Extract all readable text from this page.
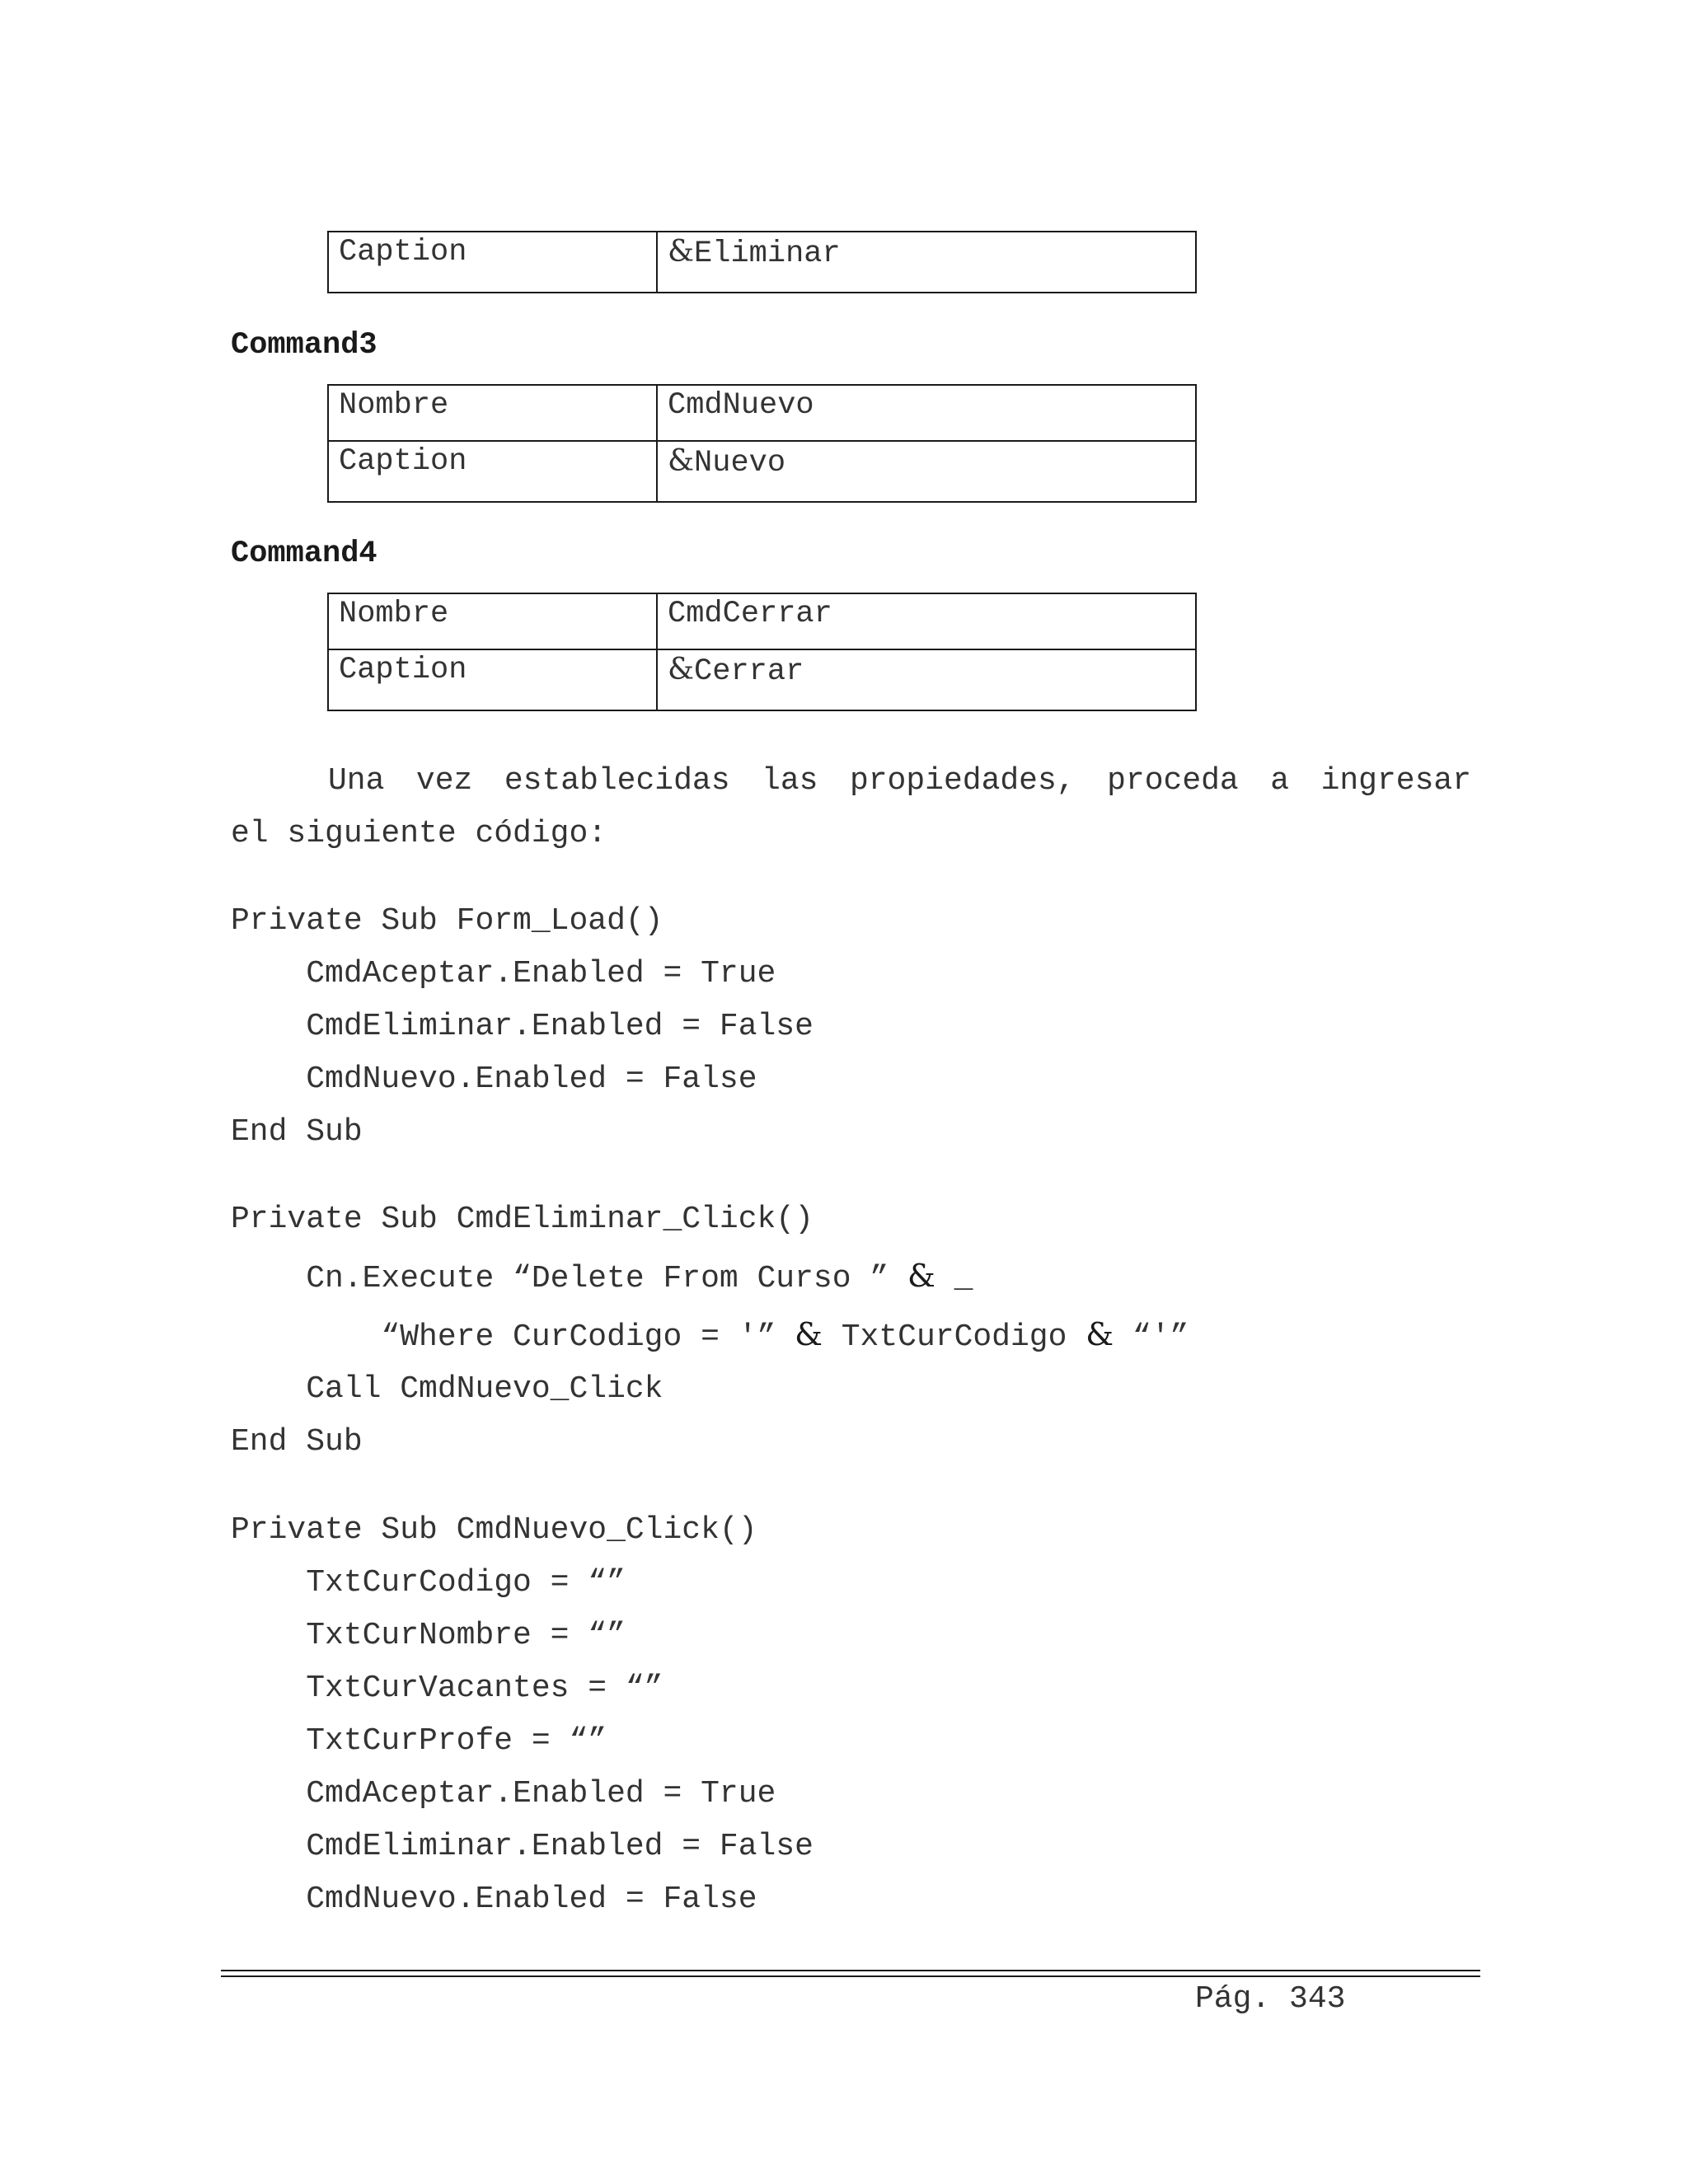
Caption	&Eliminar
Command3
Nombre	CmdNuevo
Caption	&Nuevo
Command4
Nombre	CmdCerrar
Caption	&Cerrar

Una vez establecidas las propiedades, proceda a ingresar
el siguiente código:

Private Sub Form_Load()
CmdAceptar.Enabled = True
CmdEliminar.Enabled = False
CmdNuevo.Enabled = False
End Sub
Private Sub CmdEliminar_Click()
Cn.Execute “Delete From Curso ” & _
“Where CurCodigo = '” & TxtCurCodigo & “'”
Call CmdNuevo_Click
End Sub
Private Sub CmdNuevo_Click()
TxtCurCodigo = “”
TxtCurNombre = “”
TxtCurVacantes = “”
TxtCurProfe = “”
CmdAceptar.Enabled = True
CmdEliminar.Enabled = False
CmdNuevo.Enabled = False
Pág. 343
